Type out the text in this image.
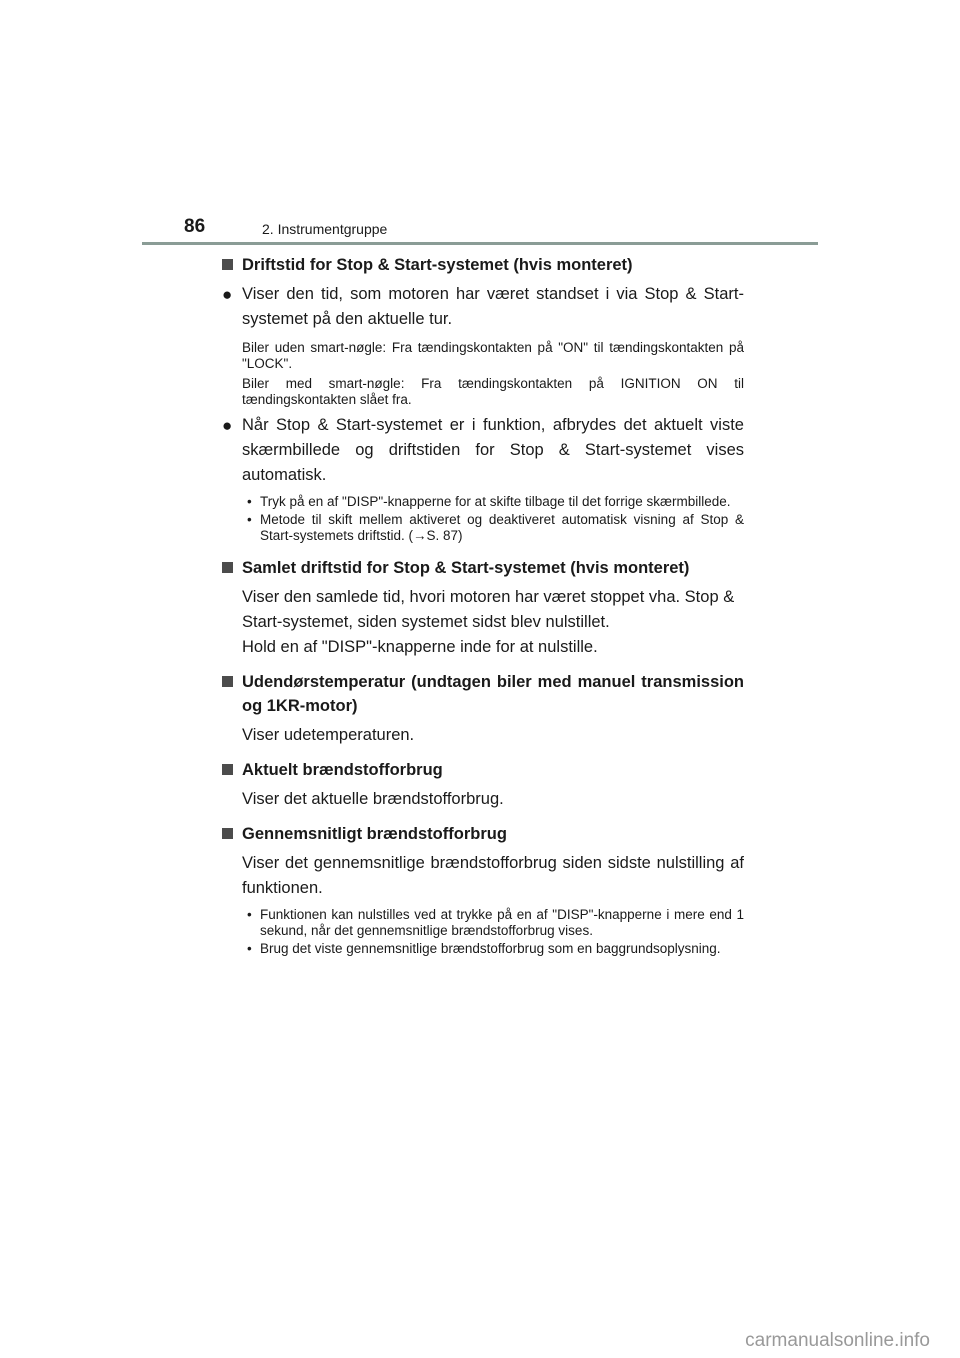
86	2. Instrumentgruppe
Driftstid for Stop & Start-systemet (hvis monteret)
● Viser den tid, som motoren har været standset i via Stop & Start-systemet på den aktuelle tur.
Biler uden smart-nøgle: Fra tændingskontakten på "ON" til tændingskontakten på "LOCK".
Biler med smart-nøgle: Fra tændingskontakten på IGNITION ON til tændingskontakten slået fra.
● Når Stop & Start-systemet er i funktion, afbrydes det aktuelt viste skærmbillede og driftstiden for Stop & Start-systemet vises automatisk.
• Tryk på en af "DISP"-knapperne for at skifte tilbage til det forrige skærmbillede.
• Metode til skift mellem aktiveret og deaktiveret automatisk visning af Stop & Start-systemets driftstid. (→S. 87)
Samlet driftstid for Stop & Start-systemet (hvis monteret)
Viser den samlede tid, hvori motoren har været stoppet vha. Stop & Start-systemet, siden systemet sidst blev nulstillet.
Hold en af "DISP"-knapperne inde for at nulstille.
Udendørstemperatur (undtagen biler med manuel transmission og 1KR-motor)
Viser udetemperaturen.
Aktuelt brændstofforbrug
Viser det aktuelle brændstofforbrug.
Gennemsnitligt brændstofforbrug
Viser det gennemsnitlige brændstofforbrug siden sidste nulstilling af funktionen.
• Funktionen kan nulstilles ved at trykke på en af "DISP"-knapperne i mere end 1 sekund, når det gennemsnitlige brændstofforbrug vises.
• Brug det viste gennemsnitlige brændstofforbrug som en baggrundsoplysning.
carmanualsonline.info
